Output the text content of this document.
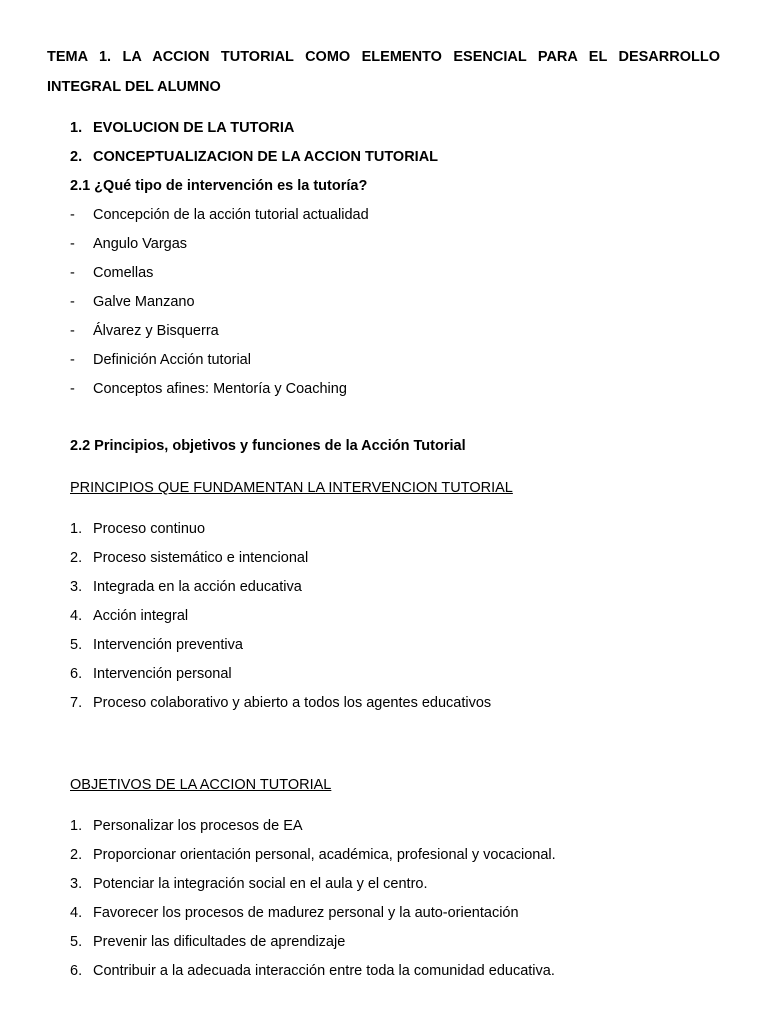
TEMA 1. LA ACCION TUTORIAL COMO ELEMENTO ESENCIAL PARA EL DESARROLLO INTEGRAL DEL ALUMNO
1. EVOLUCION DE LA TUTORIA
2. CONCEPTUALIZACION DE LA ACCION TUTORIAL
2.1 ¿Qué tipo de intervención es la tutoría?
- Concepción de la acción tutorial actualidad
- Angulo Vargas
- Comellas
- Galve Manzano
- Álvarez y Bisquerra
- Definición Acción tutorial
- Conceptos afines: Mentoría y Coaching
2.2 Principios, objetivos y funciones de la Acción Tutorial
PRINCIPIOS QUE FUNDAMENTAN LA INTERVENCION TUTORIAL
1. Proceso continuo
2. Proceso sistemático e intencional
3. Integrada en la acción educativa
4. Acción integral
5. Intervención preventiva
6. Intervención personal
7. Proceso colaborativo y abierto a todos los agentes educativos
OBJETIVOS DE LA ACCION TUTORIAL
1. Personalizar los procesos de EA
2. Proporcionar orientación personal, académica, profesional y vocacional.
3. Potenciar la integración social en el aula y el centro.
4. Favorecer los procesos de madurez personal y la auto-orientación
5. Prevenir las dificultades de aprendizaje
6. Contribuir a la adecuada interacción entre toda la comunidad educativa.
